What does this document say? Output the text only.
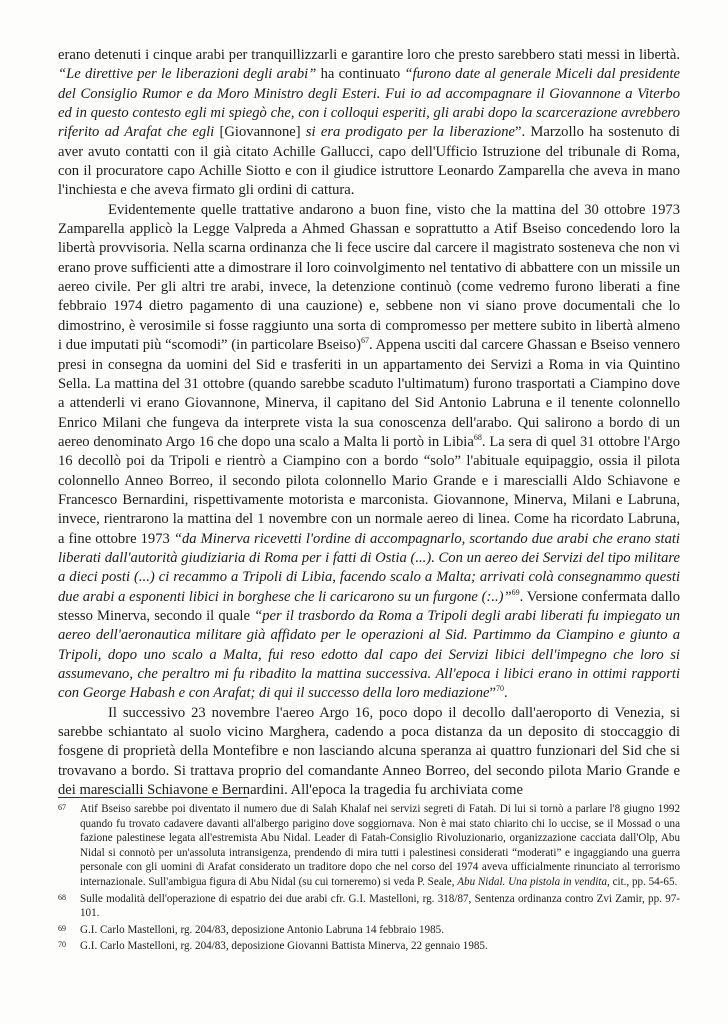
erano detenuti i cinque arabi per tranquillizzarli e garantire loro che presto sarebbero stati messi in libertà. “Le direttive per le liberazioni degli arabi” ha continuato “furono date al generale Miceli dal presidente del Consiglio Rumor e da Moro Ministro degli Esteri. Fui io ad accompagnare il Giovannone a Viterbo ed in questo contesto egli mi spiegò che, con i colloqui esperiti, gli arabi dopo la scarcerazione avrebbero riferito ad Arafat che egli [Giovannone] si era prodigato per la liberazione”. Marzollo ha sostenuto di aver avuto contatti con il già citato Achille Gallucci, capo dell'Ufficio Istruzione del tribunale di Roma, con il procuratore capo Achille Siotto e con il giudice istruttore Leonardo Zamparella che aveva in mano l'inchiesta e che aveva firmato gli ordini di cattura.

Evidentemente quelle trattative andarono a buon fine, visto che la mattina del 30 ottobre 1973 Zamparella applicò la Legge Valpreda a Ahmed Ghassan e soprattutto a Atif Bseiso concedendo loro la libertà provvisoria. Nella scarna ordinanza che li fece uscire dal carcere il magistrato sosteneva che non vi erano prove sufficienti atte a dimostrare il loro coinvolgimento nel tentativo di abbattere con un missile un aereo civile. Per gli altri tre arabi, invece, la detenzione continuò (come vedremo furono liberati a fine febbraio 1974 dietro pagamento di una cauzione) e, sebbene non vi siano prove documentali che lo dimostrino, è verosimile si fosse raggiunto una sorta di compromesso per mettere subito in libertà almeno i due imputati più “scomodi” (in particolare Bseiso)$^{67}$. Appena usciti dal carcere Ghassan e Bseiso vennero presi in consegna da uomini del Sid e trasferiti in un appartamento dei Servizi a Roma in via Quintino Sella. La mattina del 31 ottobre (quando sarebbe scaduto l'ultimatum) furono trasportati a Ciampino dove a attenderli vi erano Giovannone, Minerva, il capitano del Sid Antonio Labruna e il tenente colonnello Enrico Milani che fungeva da interprete vista la sua conoscenza dell'arabo. Qui salirono a bordo di un aereo denominato Argo 16 che dopo una scalo a Malta li portò in Libia$^{68}$. La sera di quel 31 ottobre l'Argo 16 decollò poi da Tripoli e rientrò a Ciampino con a bordo “solo” l'abituale equipaggio, ossia il pilota colonnello Anneo Borreo, il secondo pilota colonnello Mario Grande e i marescialli Aldo Schiavone e Francesco Bernardini, rispettivamente motorista e marconista. Giovannone, Minerva, Milani e Labruna, invece, rientrarono la mattina del 1 novembre con un normale aereo di linea. Come ha ricordato Labruna, a fine ottobre 1973 “da Minerva ricevetti l'ordine di accompagnarlo, scortando due arabi che erano stati liberati dall'autorità giudiziaria di Roma per i fatti di Ostia (...). Con un aereo dei Servizi del tipo militare a dieci posti (...) ci recammo a Tripoli di Libia, facendo scalo a Malta; arrivati colà consegnammo questi due arabi a esponenti libici in borghese che li caricarono su un furgone (:..)”$^{69}$. Versione confermata dallo stesso Minerva, secondo il quale “per il trasbordo da Roma a Tripoli degli arabi liberati fu impiegato un aereo dell'aeronautica militare già affidato per le operazioni al Sid. Partimmo da Ciampino e giunto a Tripoli, dopo uno scalo a Malta, fui reso edotto dal capo dei Servizi libici dell'impegno che loro si assumevano, che peraltro mi fu ribadito la mattina successiva. All'epoca i libici erano in ottimi rapporti con George Habash e con Arafat; di qui il successo della loro mediazione”$^{70}$.

Il successivo 23 novembre l'aereo Argo 16, poco dopo il decollo dall'aeroporto di Venezia, si sarebbe schiantato al suolo vicino Marghera, cadendo a poca distanza da un deposito di stoccaggio di fosgene di proprietà della Montefibre e non lasciando alcuna speranza ai quattro funzionari del Sid che si trovavano a bordo. Si trattava proprio del comandante Anneo Borreo, del secondo pilota Mario Grande e dei marescialli Schiavone e Bernardini. All'epoca la tragedia fu archiviata come

67 Atif Bseiso sarebbe poi diventato il numero due di Salah Khalaf nei servizi segreti di Fatah. Di lui si tornò a parlare l'8 giugno 1992 quando fu trovato cadavere davanti all'albergo parigino dove soggiornava. Non è mai stato chiarito chi lo uccise, se il Mossad o una fazione palestinese legata all'estremista Abu Nidal. Leader di Fatah-Consiglio Rivoluzionario, organizzazione cacciata dall'Olp, Abu Nidal si connotò per un'assoluta intransigenza, prendendo di mira tutti i palestinesi considerati “moderati” e ingaggiando una guerra personale con gli uomini di Arafat considerato un traditore dopo che nel corso del 1974 aveva ufficialmente rinunciato al terrorismo internazionale. Sull'ambigua figura di Abu Nidal (su cui torneremo) si veda P. Seale, Abu Nidal. Una pistola in vendita, cit., pp. 54-65.
68 Sulle modalità dell'operazione di espatrio dei due arabi cfr. G.I. Mastelloni, rg. 318/87, Sentenza ordinanza contro Zvi Zamir, pp. 97-101.
69 G.I. Carlo Mastelloni, rg. 204/83, deposizione Antonio Labruna 14 febbraio 1985.
70 G.I. Carlo Mastelloni, rg. 204/83, deposizione Giovanni Battista Minerva, 22 gennaio 1985.
